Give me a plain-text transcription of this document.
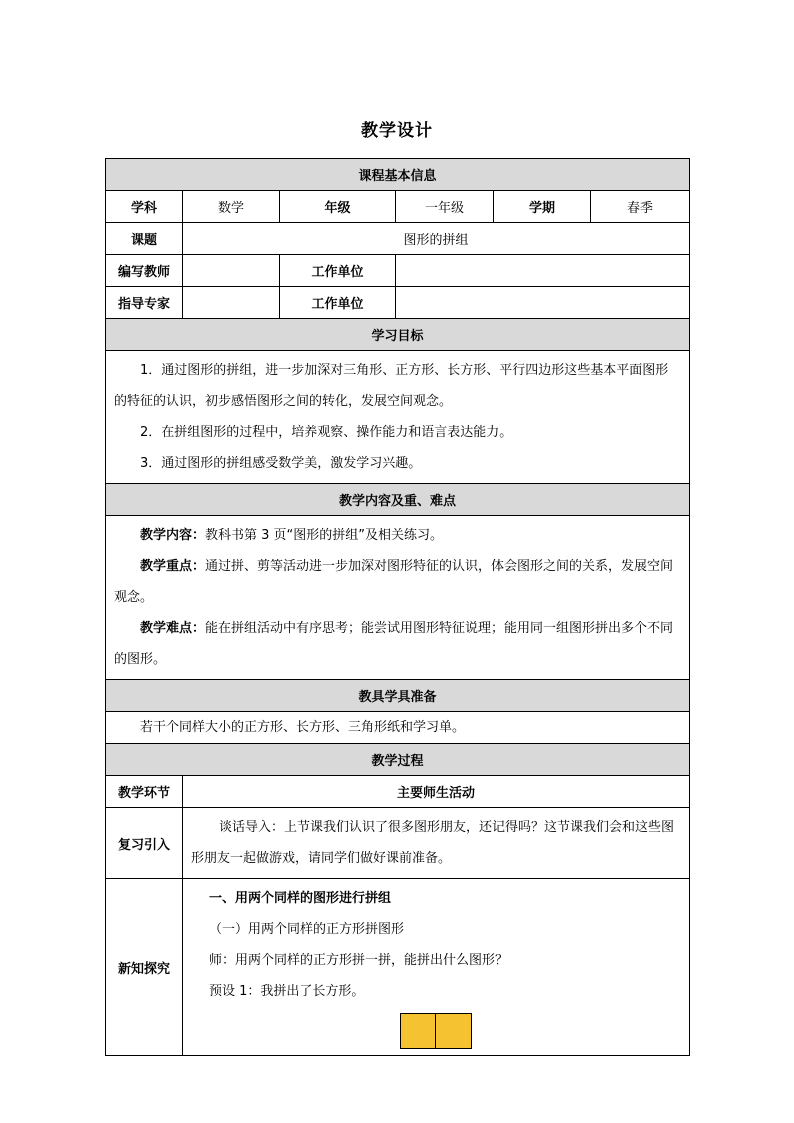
教学设计
课程基本信息					
学科	数学	年级	一年级	学期	春季
课题	图形的拼组				
编写教师		工作单位			
指导专家		工作单位			
学习目标					

1．通过图形的拼组，进一步加深对三角形、正方形、长方形、平行四边形这些基本平面图形的特征的认识，初步感悟图形之间的转化，发展空间观念。

2．在拼组图形的过程中，培养观察、操作能力和语言表达能力。

3．通过图形的拼组感受数学美，激发学习兴趣。					

教学内容及重、难点					

教学内容：教科书第 3 页“图形的拼组”及相关练习。

教学重点：通过拼、剪等活动进一步加深对图形特征的认识，体会图形之间的关系，发展空间观念。

教学难点：能在拼组活动中有序思考；能尝试用图形特征说理；能用同一组图形拼出多个不同的图形。					

教具学具准备					

若干个同样大小的正方形、长方形、三角形纸和学习单。					

教学过程					
教学环节	主要师生活动				
复习引入	谈话导入：上节课我们认识了很多图形朋友，还记得吗？这节课我们会和这些图形朋友一起做游戏，请同学们做好课前准备。				

新知探究	一、用两个同样的图形进行拼组

（一）用两个同样的正方形拼图形

师：用两个同样的正方形拼一拼，能拼出什么图形？

预设 1：我拼出了长方形。				
